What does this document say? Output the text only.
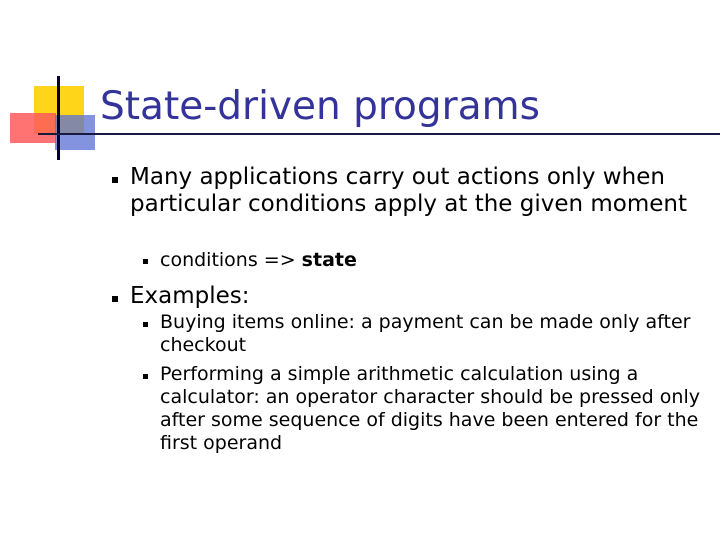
State-driven programs
Many applications carry out actions only when particular conditions apply at the given moment
conditions => state
Examples:
Buying items online: a payment can be made only after checkout
Performing a simple arithmetic calculation using a calculator: an operator character should be pressed only after some sequence of digits have been entered for the first operand
